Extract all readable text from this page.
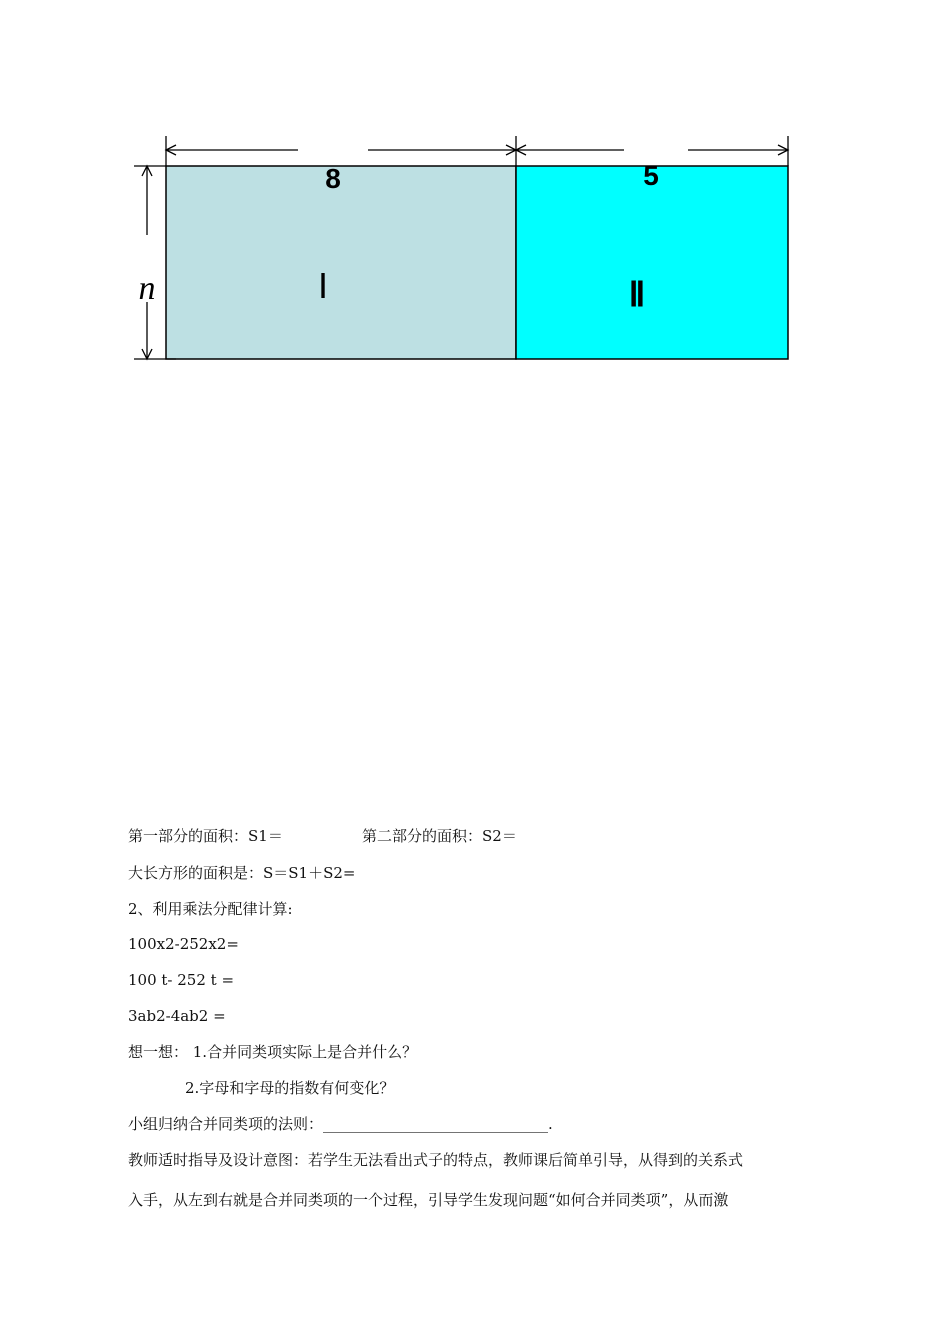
8	5
n	Ⅰ	Ⅱ
第一部分的面积：S1＝	第二部分的面积：S2＝
大长方形的面积是：S＝S1＋S2=
2、利用乘法分配律计算:
100x2-252x2=
100 t- 252 t =
3ab2-4ab2 =
想一想： 1.合并同类项实际上是合并什么？
2.字母和字母的指数有何变化？
小组归纳合并同类项的法则：______________________________.
教师适时指导及设计意图：若学生无法看出式子的特点，教师课后简单引导，从得到的关系式
入手，从左到右就是合并同类项的一个过程，引导学生发现问题“如何合并同类项”，从而激
